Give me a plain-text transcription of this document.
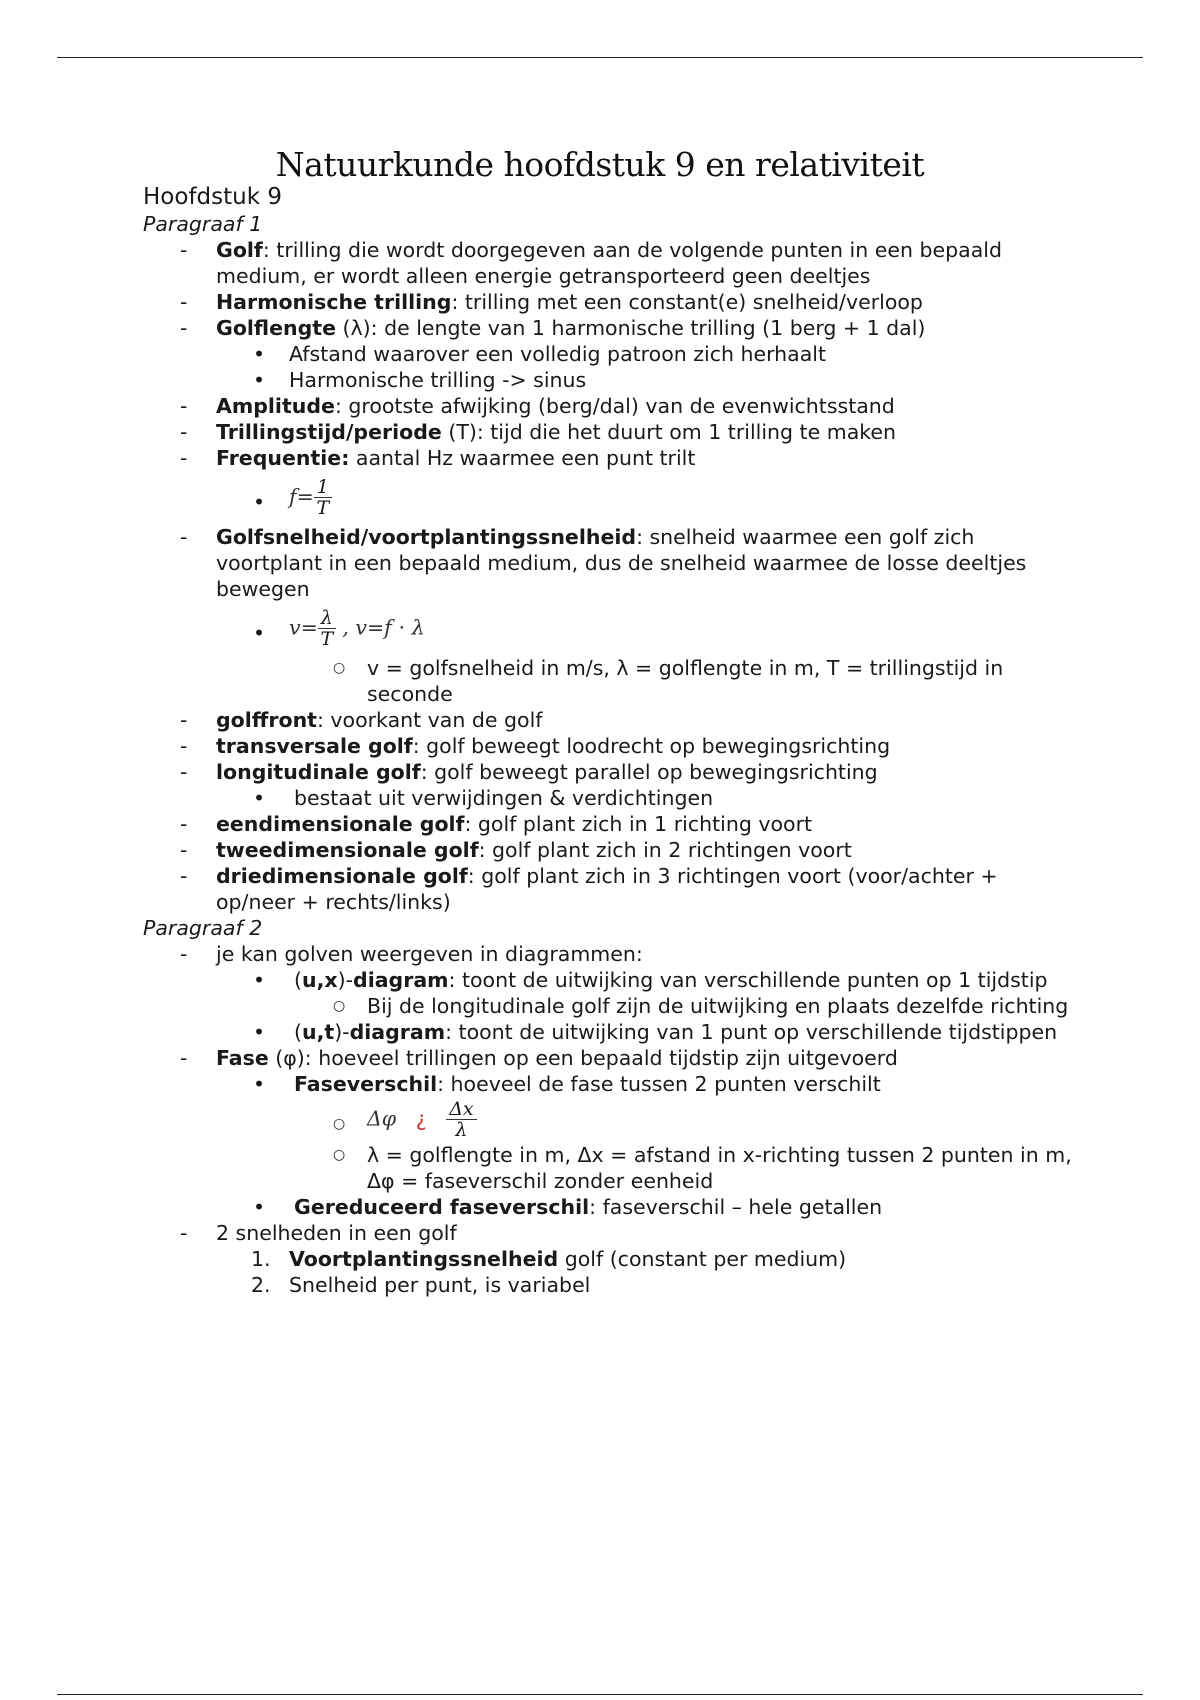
Natuurkunde hoofdstuk 9 en relativiteit
Hoofdstuk 9
Paragraaf 1
- Golf: trilling die wordt doorgegeven aan de volgende punten in een bepaald medium, er wordt alleen energie getransporteerd geen deeltjes
- Harmonische trilling: trilling met een constant(e) snelheid/verloop
- Golflengte (λ): de lengte van 1 harmonische trilling (1 berg + 1 dal)
• Afstand waarover een volledig patroon zich herhaalt
• Harmonische trilling -> sinus
- Amplitude: grootste afwijking (berg/dal) van de evenwichtsstand
- Trillingstijd/periode (T): tijd die het duurt om 1 trilling te maken
- Frequentie: aantal Hz waarmee een punt trilt
• $f= \frac{1}{T}$
- Golfsnelheid/voortplantingssnelheid: snelheid waarmee een golf zich voortplant in een bepaald medium, dus de snelheid waarmee de losse deeltjes bewegen
• $v= \frac{\lambda}{T}$ , v=f ⋅ λ
○ v = golfsnelheid in m/s, λ = golflengte in m, T = trillingstijd in seconde
- golffront: voorkant van de golf
- transversale golf: golf beweegt loodrecht op bewegingsrichting
- longitudinale golf: golf beweegt parallel op bewegingsrichting
• bestaat uit verwijdingen & verdichtingen
- eendimensionale golf: golf plant zich in 1 richting voort
- tweedimensionale golf: golf plant zich in 2 richtingen voort
- driedimensionale golf: golf plant zich in 3 richtingen voort (voor/achter + op/neer + rechts/links)
Paragraaf 2
- je kan golven weergeven in diagrammen:
• (u,x)-diagram: toont de uitwijking van verschillende punten op 1 tijdstip
○ Bij de longitudinale golf zijn de uitwijking en plaats dezelfde richting
• (u,t)-diagram: toont de uitwijking van 1 punt op verschillende tijdstippen
- Fase (φ): hoeveel trillingen op een bepaald tijdstip zijn uitgevoerd
• Faseverschil: hoeveel de fase tussen 2 punten verschilt
○ Δφ ¿ $\frac{\Delta x}{\lambda}$
○ λ = golflengte in m, Δx = afstand in x-richting tussen 2 punten in m, Δφ = faseverschil zonder eenheid
• Gereduceerd faseverschil: faseverschil – hele getallen
- 2 snelheden in een golf
1. Voortplantingssnelheid golf (constant per medium)
2. Snelheid per punt, is variabel
